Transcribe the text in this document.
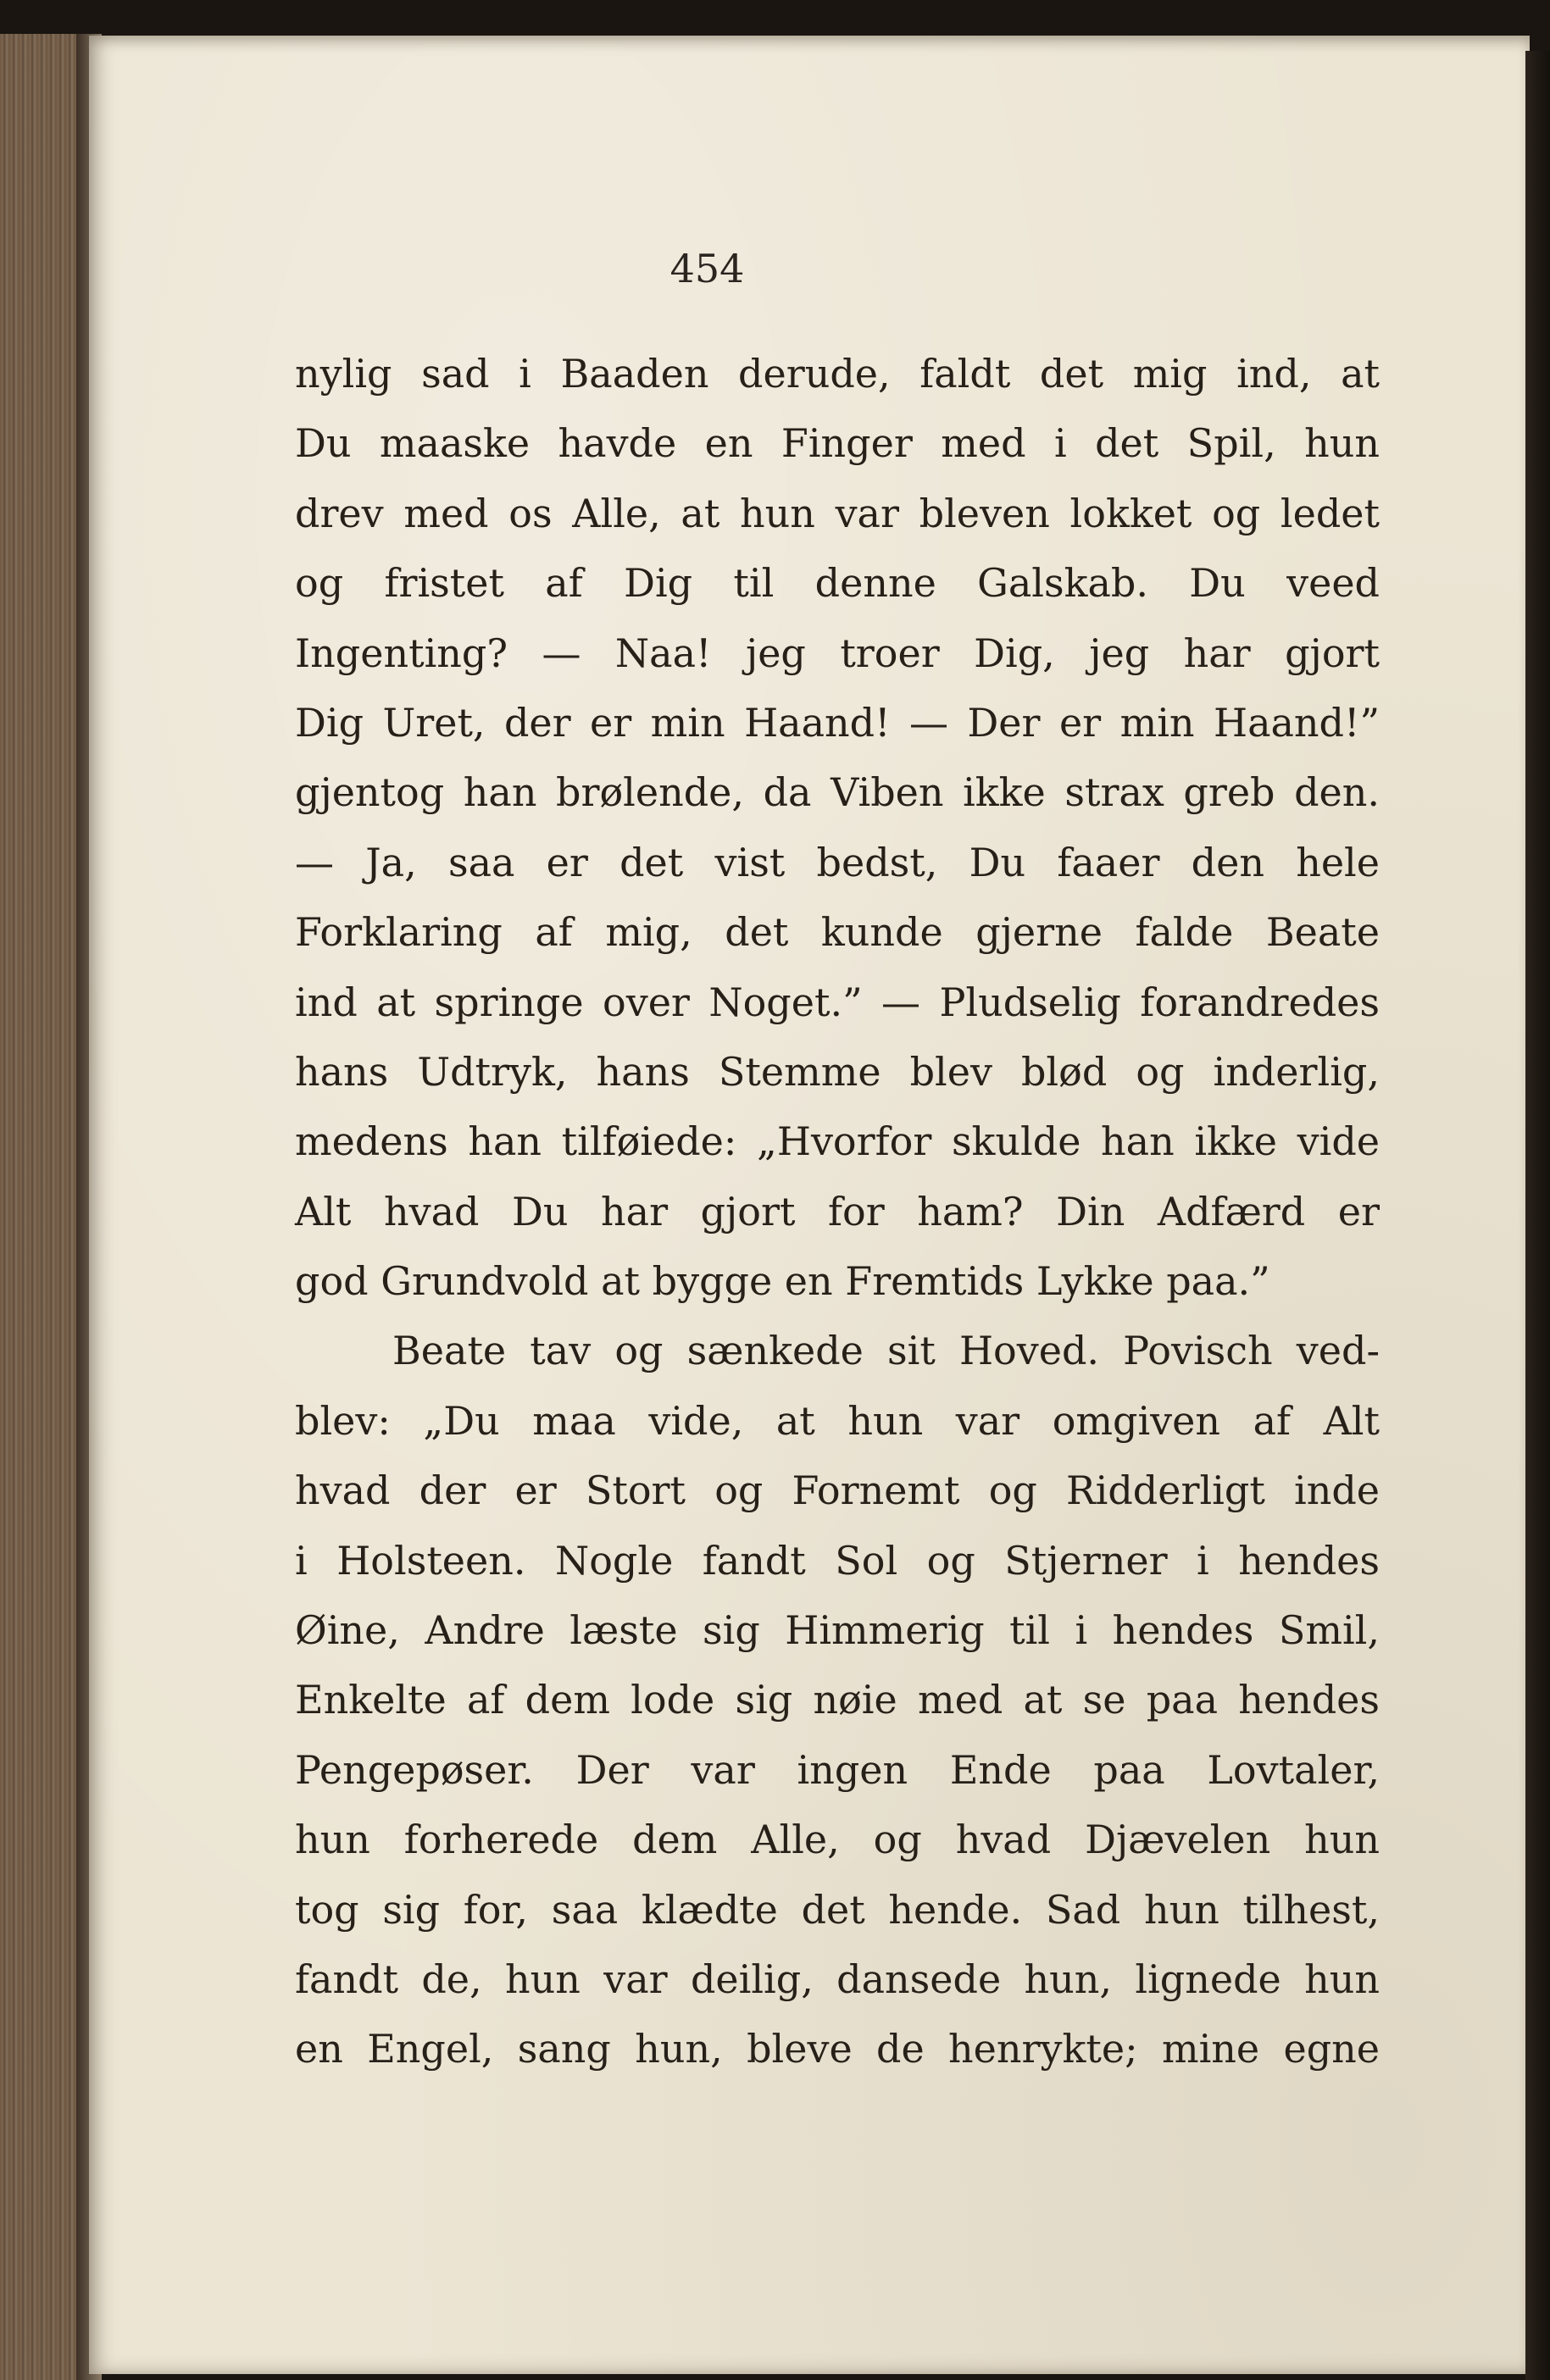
454
nylig sad i Baaden derude, faldt det mig ind, at
Du maaske havde en Finger med i det Spil, hun
drev med os Alle, at hun var bleven lokket og ledet
og fristet af Dig til denne Galskab. Du veed
Ingenting? — Naa! jeg troer Dig, jeg har gjort
Dig Uret, der er min Haand! — Der er min Haand!”
gjentog han brølende, da Viben ikke strax greb den.
— Ja, saa er det vist bedst, Du faaer den hele
Forklaring af mig, det kunde gjerne falde Beate
ind at springe over Noget.” — Pludselig forandredes
hans Udtryk, hans Stemme blev blød og inderlig,
medens han tilføiede: „Hvorfor skulde han ikke vide
Alt hvad Du har gjort for ham? Din Adfærd er
god Grundvold at bygge en Fremtids Lykke paa.”
Beate tav og sænkede sit Hoved. Povisch ved-
blev: „Du maa vide, at hun var omgiven af Alt
hvad der er Stort og Fornemt og Ridderligt inde
i Holsteen. Nogle fandt Sol og Stjerner i hendes
Øine, Andre læste sig Himmerig til i hendes Smil,
Enkelte af dem lode sig nøie med at se paa hendes
Pengepøser. Der var ingen Ende paa Lovtaler,
hun forherede dem Alle, og hvad Djævelen hun
tog sig for, saa klædte det hende. Sad hun tilhest,
fandt de, hun var deilig, dansede hun, lignede hun
en Engel, sang hun, bleve de henrykte; mine egne
